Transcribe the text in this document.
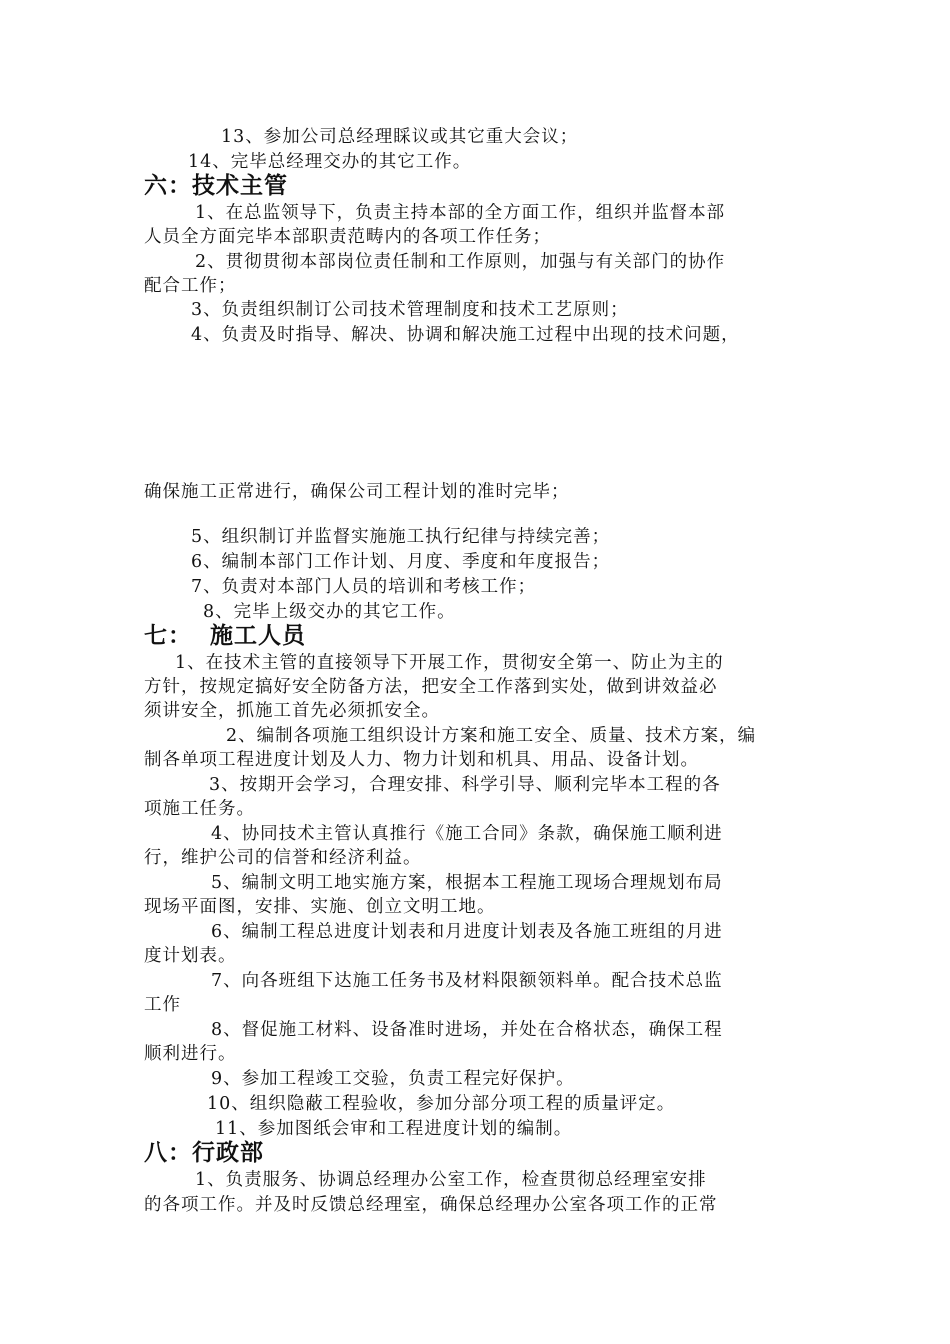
13、参加公司总经理睬议或其它重大会议；
14、完毕总经理交办的其它工作。
六：技术主管
1、在总监领导下，负责主持本部的全方面工作，组织并监督本部
人员全方面完毕本部职责范畴内的各项工作任务；
2、贯彻贯彻本部岗位责任制和工作原则，加强与有关部门的协作
配合工作；
3、负责组织制订公司技术管理制度和技术工艺原则；
4、负责及时指导、解决、协调和解决施工过程中出现的技术问题，
确保施工正常进行，确保公司工程计划的准时完毕；
5、组织制订并监督实施施工执行纪律与持续完善；
6、编制本部门工作计划、月度、季度和年度报告；
7、负责对本部门人员的培训和考核工作；
8、完毕上级交办的其它工作。
七：  施工人员
1、在技术主管的直接领导下开展工作，贯彻安全第一、防止为主的
方针，按规定搞好安全防备方法，把安全工作落到实处，做到讲效益必
须讲安全，抓施工首先必须抓安全。
2、编制各项施工组织设计方案和施工安全、质量、技术方案，编
制各单项工程进度计划及人力、物力计划和机具、用品、设备计划。
3、按期开会学习，合理安排、科学引导、顺利完毕本工程的各
项施工任务。
4、协同技术主管认真推行《施工合同》条款，确保施工顺利进
行，维护公司的信誉和经济利益。
5、编制文明工地实施方案，根据本工程施工现场合理规划布局
现场平面图，安排、实施、创立文明工地。
6、编制工程总进度计划表和月进度计划表及各施工班组的月进
度计划表。
7、向各班组下达施工任务书及材料限额领料单。配合技术总监
工作
8、督促施工材料、设备准时进场，并处在合格状态，确保工程
顺利进行。
9、参加工程竣工交验，负责工程完好保护。
10、组织隐蔽工程验收，参加分部分项工程的质量评定。
11、参加图纸会审和工程进度计划的编制。
八：行政部
1、负责服务、协调总经理办公室工作，检查贯彻总经理室安排
的各项工作。并及时反馈总经理室，确保总经理办公室各项工作的正常
